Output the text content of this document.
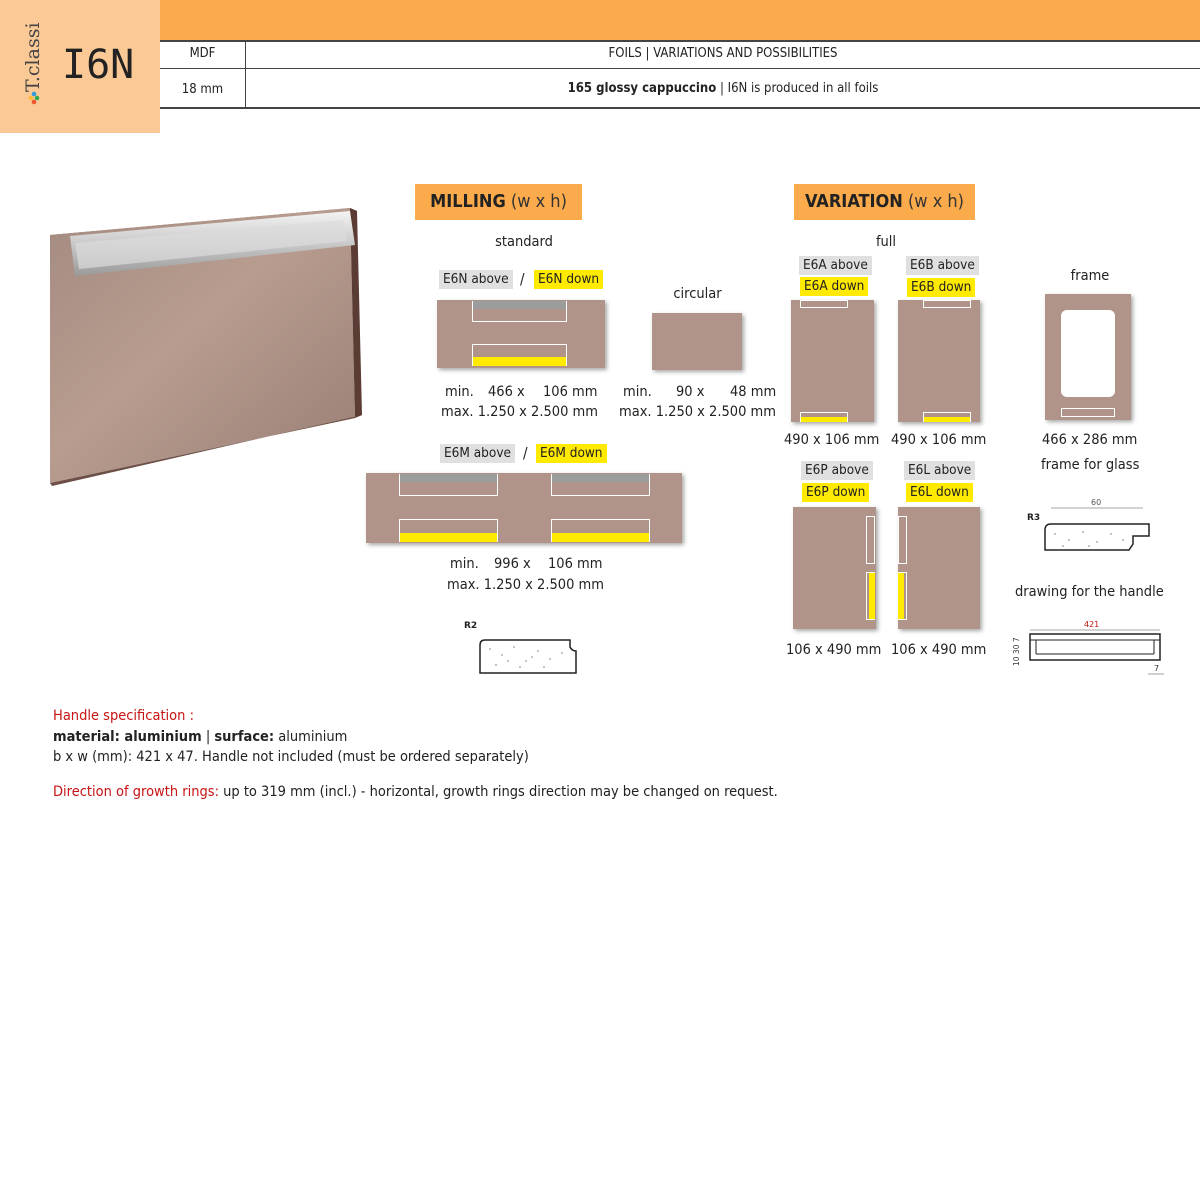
T.classic I6N	MDF	FOILS | VARIATIONS AND POSSIBILITIES
18 mm	165 glossy cappuccino | I6N is produced in all foils
MILLING (w x h)
standard
circular
E6N above / E6N down
min. 466 x 106 mm
max. 1.250 x 2.500 mm
min. 90 x 48 mm
max. 1.250 x 2.500 mm
E6M above / E6M down
min. 996 x 106 mm
max. 1.250 x 2.500 mm
R2
VARIATION (w x h)
full
frame
E6A above
E6A down
E6B above
E6B down
490 x 106 mm 490 x 106 mm	466 x 286 mm
frame for glass
E6P above
E6P down
E6L above
E6L down
106 x 490 mm 106 x 490 mm
R3
60
drawing for the handle
421
10 30 7
7
Handle specification :
material: aluminium | surface: aluminium
b x w (mm): 421 x 47. Handle not included (must be ordered separately)
Direction of growth rings: up to 319 mm (incl.) - horizontal, growth rings direction may be changed on request.
